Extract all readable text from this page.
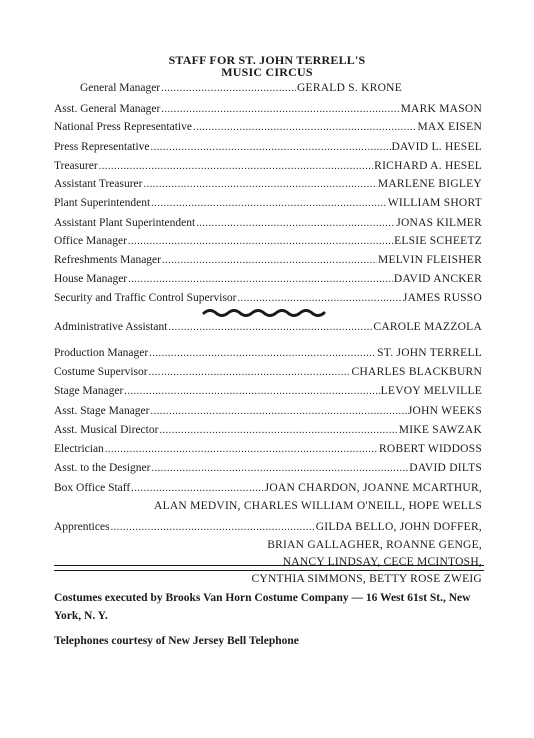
STAFF FOR ST. JOHN TERRELL'S
MUSIC CIRCUS
General Manager .....	GERALD S. KRONE
Asst. General Manager .....	MARK MASON
National Press Representative .....	MAX EISEN
Press Representative .....	DAVID L. HESEL
Treasurer .....	RICHARD A. HESEL
Assistant Treasurer .....	MARLENE BIGLEY
Plant Superintendent .....	WILLIAM SHORT
Assistant Plant Superintendent .....	JONAS KILMER
Office Manager .....	ELSIE SCHEETZ
Refreshments Manager .....	MELVIN FLEISHER
House Manager .....	DAVID ANCKER
Security and Traffic Control Supervisor .....	JAMES RUSSO
Administrative Assistant .....	CAROLE MAZZOLA
Production Manager .....	ST. JOHN TERRELL
Costume Supervisor .....	CHARLES BLACKBURN
Stage Manager .....	LEVOY MELVILLE
Asst. Stage Manager .....	JOHN WEEKS
Asst. Musical Director .....	MIKE SAWZAK
Electrician .....	ROBERT WIDDOSS
Asst. to the Designer .....	DAVID DILTS
Box Office Staff .....	JOAN CHARDON, JOANNE MCARTHUR,
ALAN MEDVIN, CHARLES WILLIAM O'NEILL, HOPE WELLS
Apprentices .....	GILDA BELLO, JOHN DOFFER,
BRIAN GALLAGHER, ROANNE GENGE,
NANCY LINDSAY, CECE MCINTOSH,
CYNTHIA SIMMONS, BETTY ROSE ZWEIG
Costumes executed by Brooks Van Horn Costume Company — 16 West 61st St., New York, N. Y.
Telephones courtesy of New Jersey Bell Telephone
